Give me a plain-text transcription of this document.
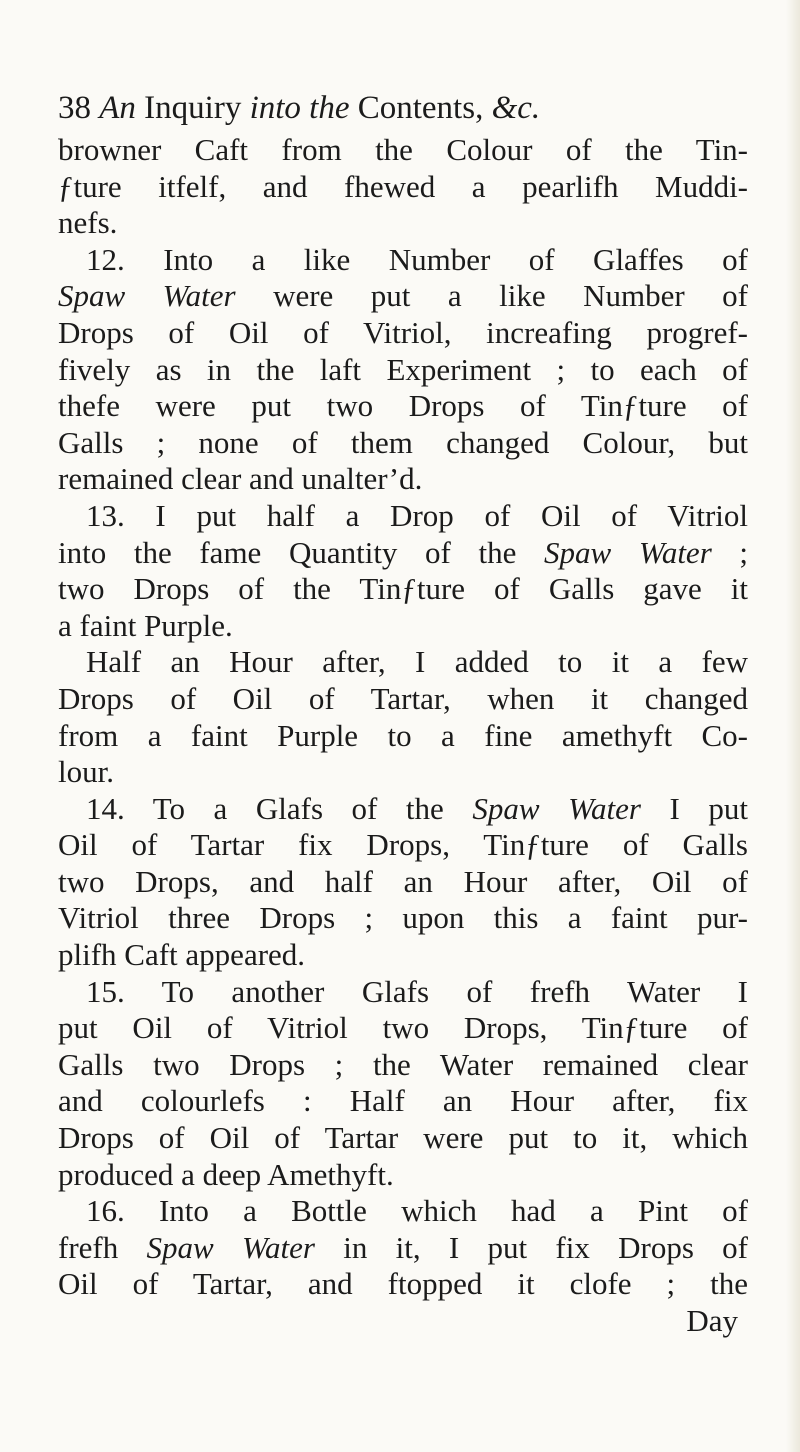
38 An Inquiry into the Contents, &c.
browner Caft from the Colour of the Tin-
ƒture itfelf, and fhewed a pearlifh Muddi-
nefs.
12. Into a like Number of Glaffes of
Spaw Water were put a like Number of
Drops of Oil of Vitriol, increafing progref-
fively as in the laft Experiment ; to each of
thefe were put two Drops of Tinƒture of
Galls ; none of them changed Colour, but
remained clear and unalter’d.
13. I put half a Drop of Oil of Vitriol
into the fame Quantity of the Spaw Water ;
two Drops of the Tinƒture of Galls gave it
a faint Purple.
Half an Hour after, I added to it a few
Drops of Oil of Tartar, when it changed
from a faint Purple to a fine amethyft Co-
lour.
14. To a Glafs of the Spaw Water I put
Oil of Tartar fix Drops, Tinƒture of Galls
two Drops, and half an Hour after, Oil of
Vitriol three Drops ; upon this a faint pur-
plifh Caft appeared.
15. To another Glafs of frefh Water I
put Oil of Vitriol two Drops, Tinƒture of
Galls two Drops ; the Water remained clear
and colourlefs : Half an Hour after, fix
Drops of Oil of Tartar were put to it, which
produced a deep Amethyft.
16. Into a Bottle which had a Pint of
frefh Spaw Water in it, I put fix Drops of
Oil of Tartar, and ftopped it clofe ; the
Day
